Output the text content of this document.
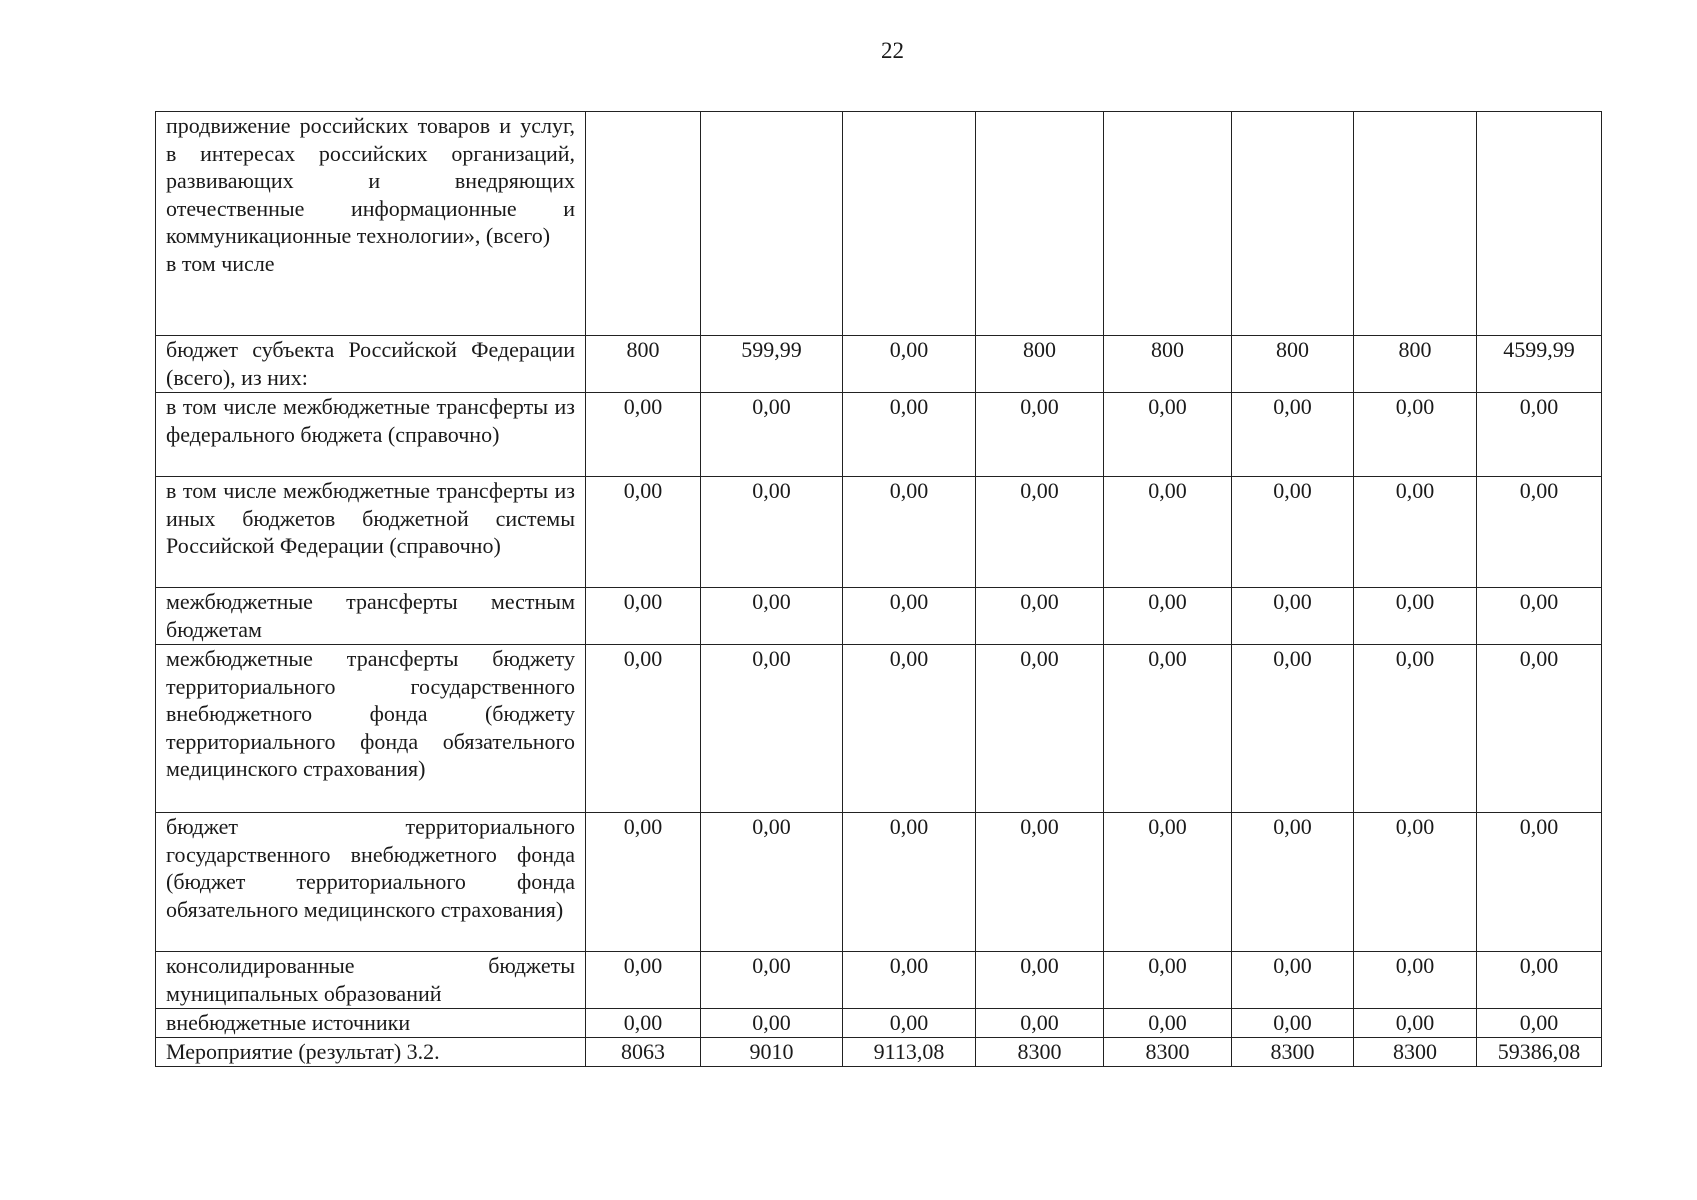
22
продвижение российских товаров и услуг, в интересах российских организаций, развивающих и внедряющих отечественные информационные и коммуникационные технологии», (всего)
в том числе								

бюджет субъекта Российской Федерации (всего), из них:	800	599,99	0,00	800	800	800	800	4599,99
в том числе межбюджетные трансферты из федерального бюджета (справочно)	0,00	0,00	0,00	0,00	0,00	0,00	0,00	0,00
в том числе межбюджетные трансферты из иных бюджетов бюджетной системы Российской Федерации (справочно)	0,00	0,00	0,00	0,00	0,00	0,00	0,00	0,00
межбюджетные трансферты местным бюджетам	0,00	0,00	0,00	0,00	0,00	0,00	0,00	0,00
межбюджетные трансферты бюджету территориального государственного внебюджетного фонда (бюджету территориального фонда обязательного медицинского страхования)	0,00	0,00	0,00	0,00	0,00	0,00	0,00	0,00
бюджет территориального государственного внебюджетного фонда (бюджет территориального фонда обязательного медицинского страхования)	0,00	0,00	0,00	0,00	0,00	0,00	0,00	0,00
консолидированные бюджеты муниципальных образований	0,00	0,00	0,00	0,00	0,00	0,00	0,00	0,00
внебюджетные источники	0,00	0,00	0,00	0,00	0,00	0,00	0,00	0,00
Мероприятие (результат) 3.2.	8063	9010	9113,08	8300	8300	8300	8300	59386,08
